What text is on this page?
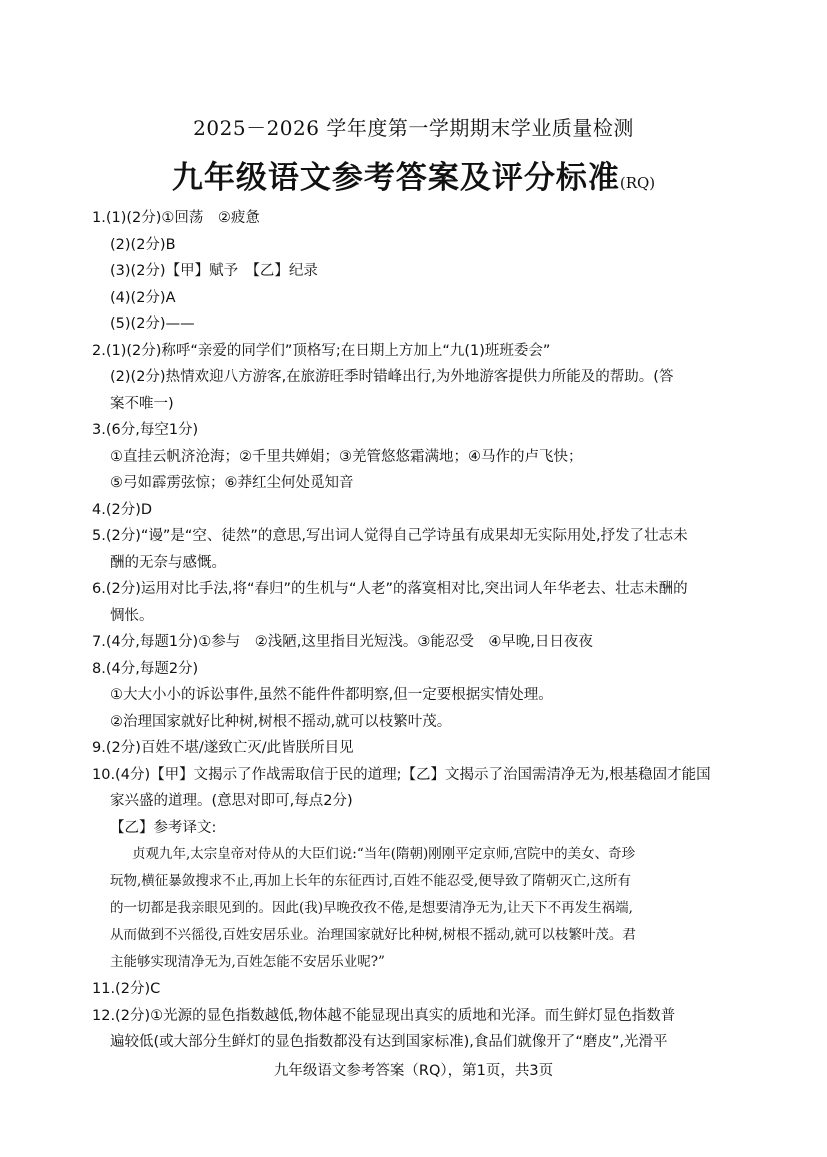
2025－2026 学年度第一学期期末学业质量检测
九年级语文参考答案及评分标准(RQ)
1.(1)(2分)①回荡　②疲惫
(2)(2分)B
(3)(2分)【甲】赋予　【乙】纪录
(4)(2分)A
(5)(2分)——
2.(1)(2分)称呼“亲爱的同学们”顶格写;在日期上方加上“九(1)班班委会”
(2)(2分)热情欢迎八方游客,在旅游旺季时错峰出行,为外地游客提供力所能及的帮助。(答
案不唯一)
3.(6分,每空1分)
①直挂云帆济沧海；②千里共婵娟；③羌管悠悠霜满地；④马作的卢飞快；
⑤弓如霹雳弦惊；⑥莽红尘何处觅知音
4.(2分)D
5.(2分)“谩”是“空、徒然”的意思,写出词人觉得自己学诗虽有成果却无实际用处,抒发了壮志未
酬的无奈与感慨。
6.(2分)运用对比手法,将“春归”的生机与“人老”的落寞相对比,突出词人年华老去、壮志未酬的
惆怅。
7.(4分,每题1分)①参与　②浅陋,这里指目光短浅。③能忍受　④早晚,日日夜夜
8.(4分,每题2分)
①大大小小的诉讼事件,虽然不能件件都明察,但一定要根据实情处理。
②治理国家就好比种树,树根不摇动,就可以枝繁叶茂。
9.(2分)百姓不堪/遂致亡灭/此皆朕所目见
10.(4分)【甲】文揭示了作战需取信于民的道理;【乙】文揭示了治国需清净无为,根基稳固才能国
家兴盛的道理。(意思对即可,每点2分)
【乙】参考译文:
贞观九年,太宗皇帝对侍从的大臣们说:“当年(隋朝)刚刚平定京师,宫院中的美女、奇珍
玩物,横征暴敛搜求不止,再加上长年的东征西讨,百姓不能忍受,便导致了隋朝灭亡,这所有
的一切都是我亲眼见到的。因此(我)早晚孜孜不倦,是想要清净无为,让天下不再发生祸端,
从而做到不兴徭役,百姓安居乐业。治理国家就好比种树,树根不摇动,就可以枝繁叶茂。君
主能够实现清净无为,百姓怎能不安居乐业呢?”
11.(2分)C
12.(2分)①光源的显色指数越低,物体越不能显现出真实的质地和光泽。而生鲜灯显色指数普
遍较低(或大部分生鲜灯的显色指数都没有达到国家标准),食品们就像开了“磨皮”,光滑平
九年级语文参考答案（RQ），第1页，共3页
